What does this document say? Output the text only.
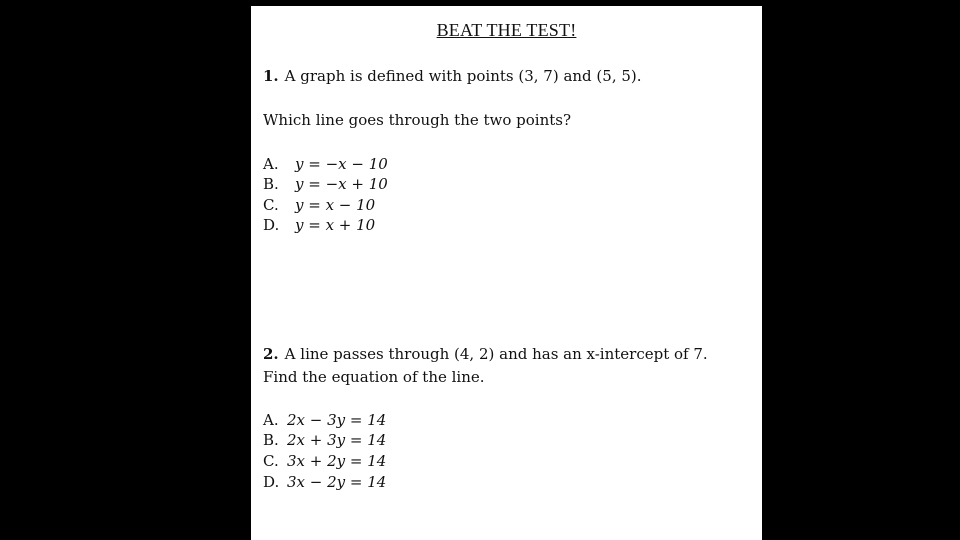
BEAT THE TEST!
1. A graph is defined with points (3, 7) and (5, 5).
Which line goes through the two points?
A. y = −x − 10
B. y = −x + 10
C. y = x − 10
D. y = x + 10
2. A line passes through (4, 2) and has an x-intercept of 7.
Find the equation of the line.
A. 2x − 3y = 14
B. 2x + 3y = 14
C. 3x + 2y = 14
D. 3x − 2y = 14
